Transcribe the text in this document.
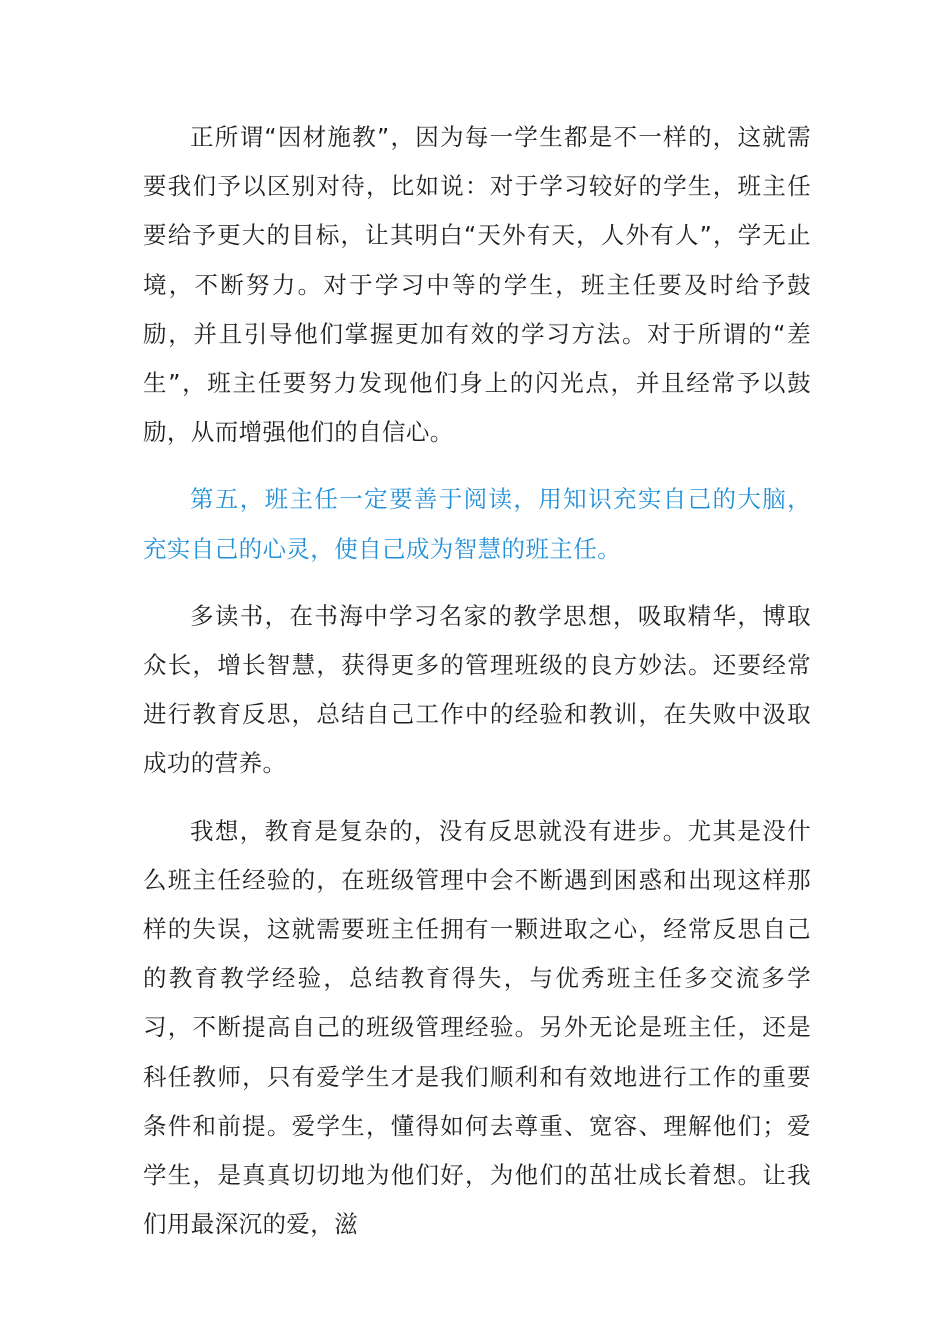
正所谓“因材施教”，因为每一学生都是不一样的，这就需要我们予以区别对待，比如说：对于学习较好的学生，班主任要给予更大的目标，让其明白“天外有天，人外有人”，学无止境，不断努力。对于学习中等的学生，班主任要及时给予鼓励，并且引导他们掌握更加有效的学习方法。对于所谓的“差生”，班主任要努力发现他们身上的闪光点，并且经常予以鼓励，从而增强他们的自信心。

第五，班主任一定要善于阅读，用知识充实自己的大脑，充实自己的心灵，使自己成为智慧的班主任。

多读书，在书海中学习名家的教学思想，吸取精华，博取众长，增长智慧，获得更多的管理班级的良方妙法。还要经常进行教育反思，总结自己工作中的经验和教训，在失败中汲取成功的营养。

我想，教育是复杂的，没有反思就没有进步。尤其是没什么班主任经验的，在班级管理中会不断遇到困惑和出现这样那样的失误，这就需要班主任拥有一颗进取之心，经常反思自己的教育教学经验，总结教育得失，与优秀班主任多交流多学习，不断提高自己的班级管理经验。另外无论是班主任，还是科任教师，只有爱学生才是我们顺利和有效地进行工作的重要条件和前提。爱学生，懂得如何去尊重、宽容、理解他们；爱学生，是真真切切地为他们好，为他们的茁壮成长着想。让我们用最深沉的爱，滋
